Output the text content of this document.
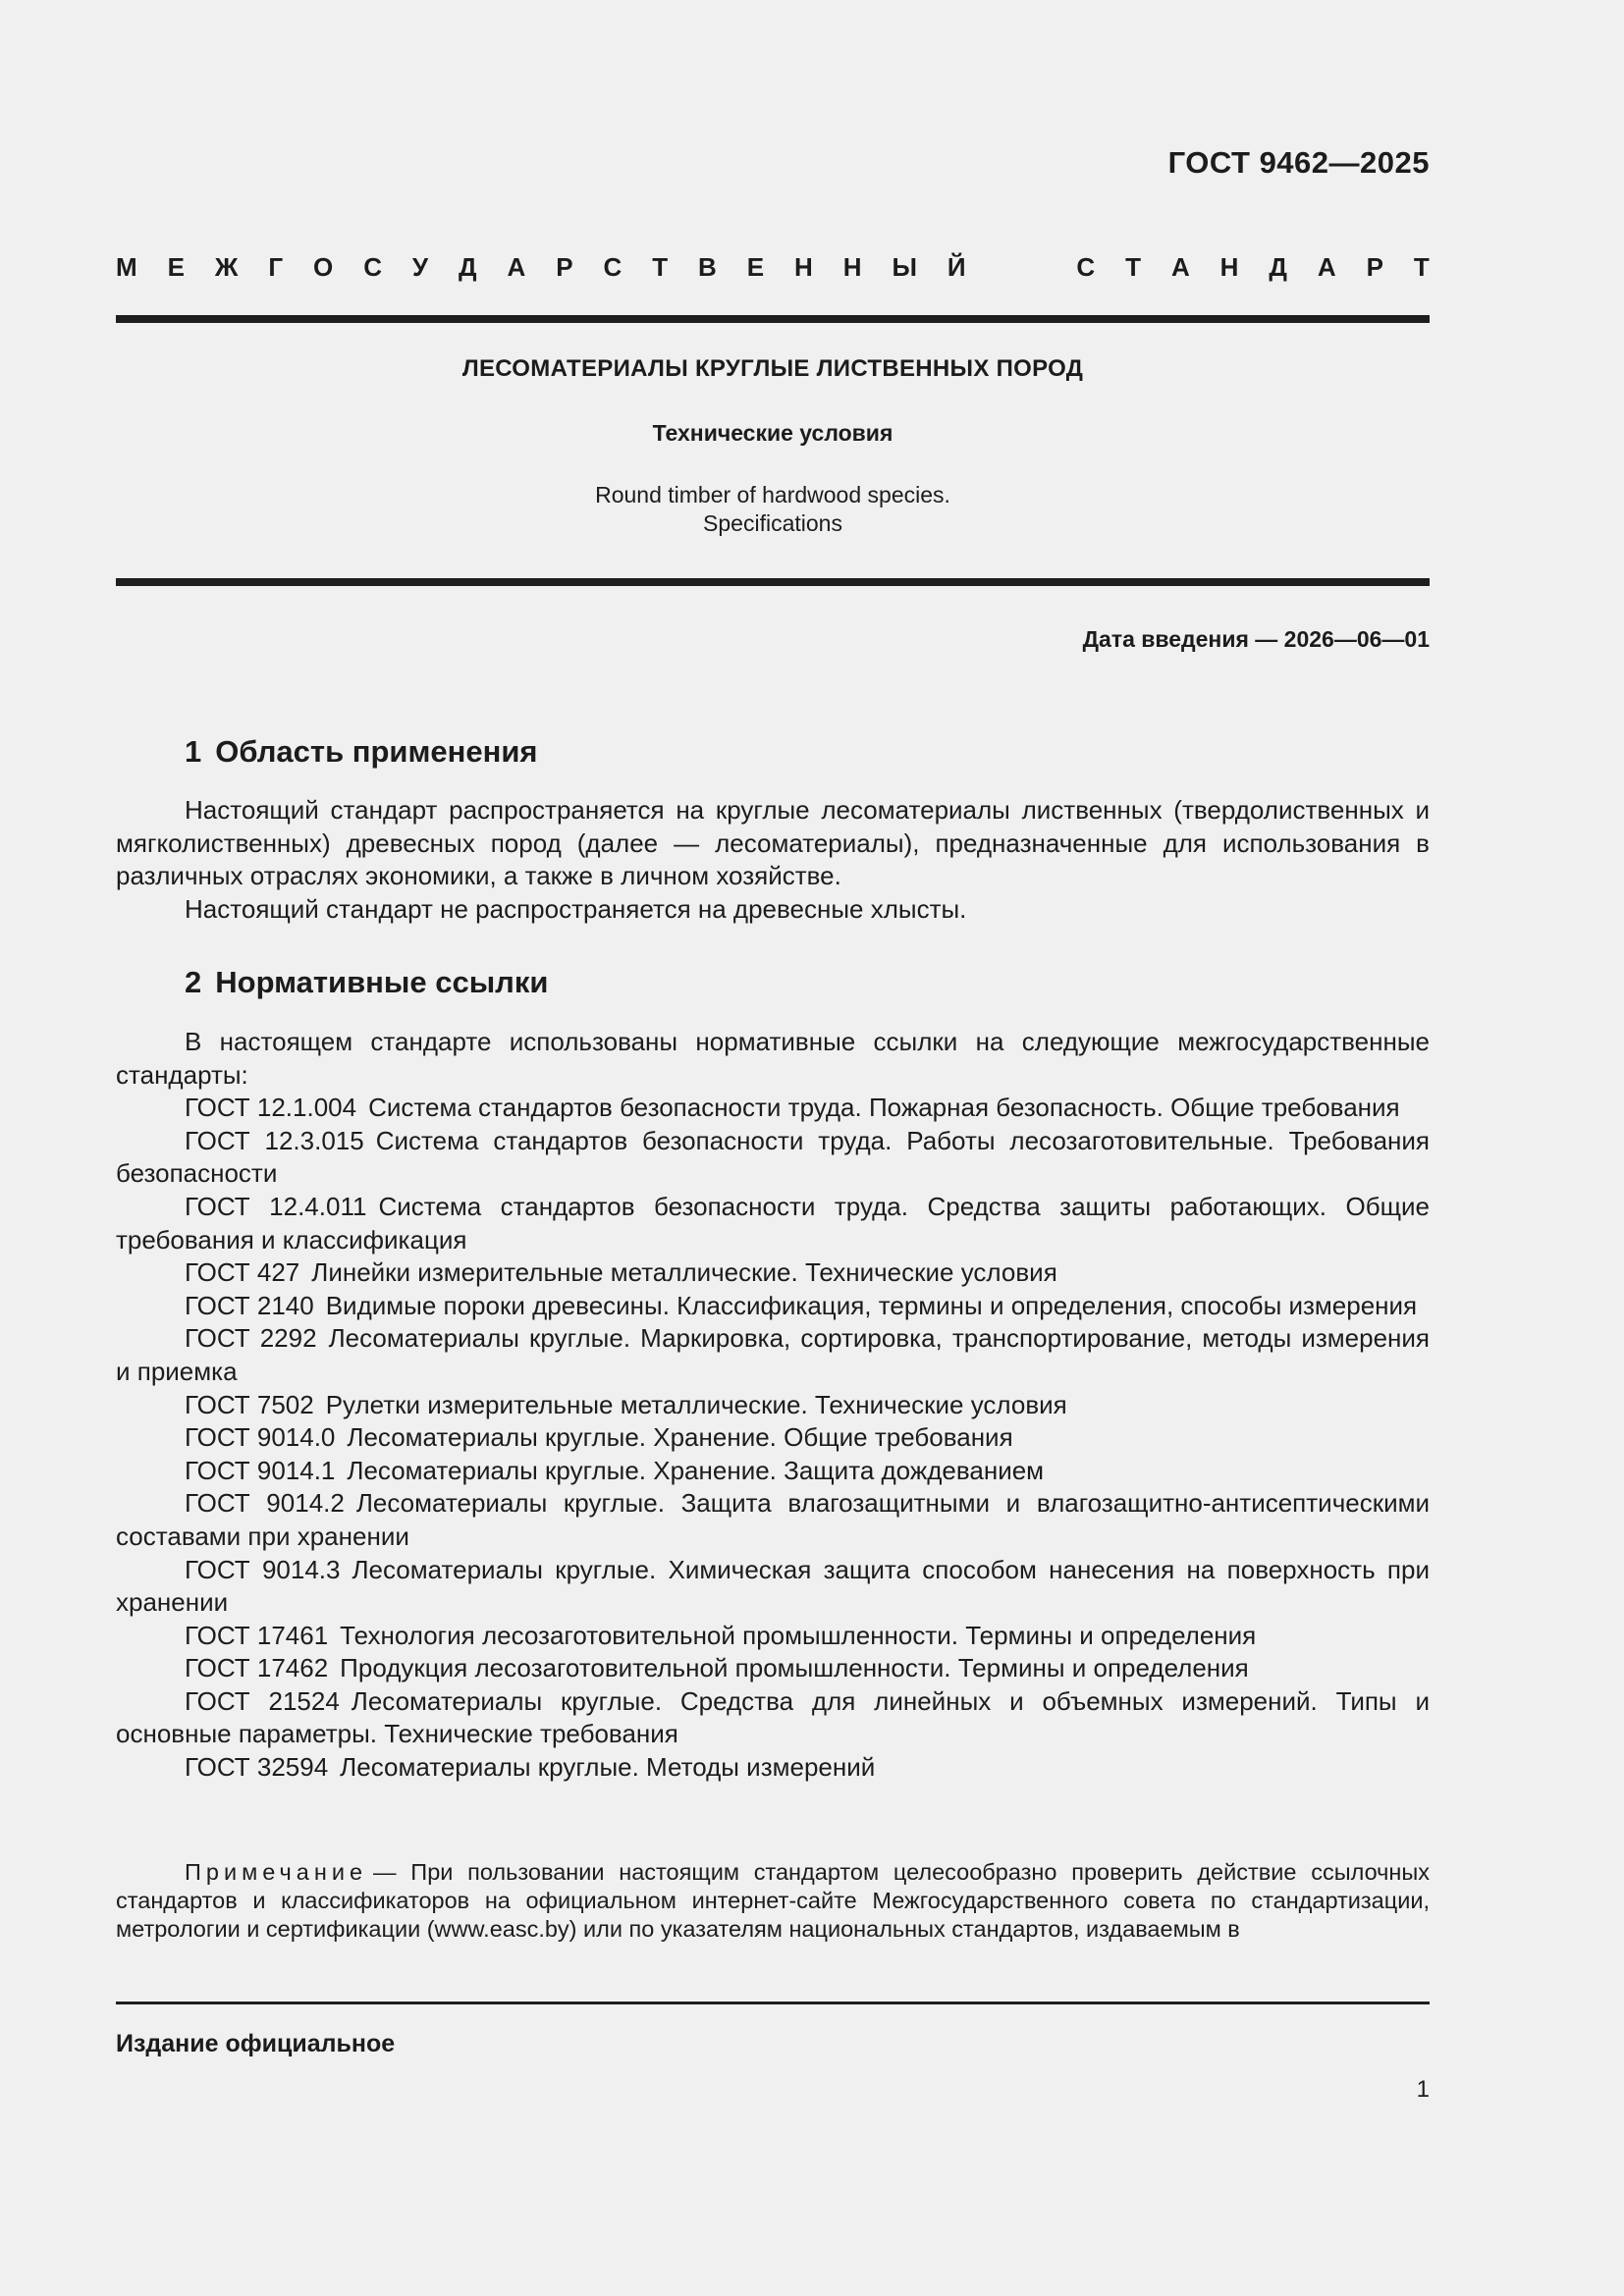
ГОСТ 9462—2025
М Е Ж Г О С У Д А Р С Т В Е Н Н Ы Й	С Т А Н Д А Р Т
ЛЕСОМАТЕРИАЛЫ КРУГЛЫЕ ЛИСТВЕННЫХ ПОРОД
Технические условия
Round timber of hardwood species.
Specifications
Дата введения — 2026—06—01
1 Область применения

Настоящий стандарт распространяется на круглые лесоматериалы лиственных (твердолиственных и мягколиственных) древесных пород (далее — лесоматериалы), предназначенные для использования в различных отраслях экономики, а также в личном хозяйстве.

Настоящий стандарт не распространяется на древесные хлысты.

2 Нормативные ссылки

В настоящем стандарте использованы нормативные ссылки на следующие межгосударственные стандарты:

ГОСТ 12.1.004 Система стандартов безопасности труда. Пожарная безопасность. Общие требования

ГОСТ 12.3.015 Система стандартов безопасности труда. Работы лесозаготовительные. Требования безопасности

ГОСТ 12.4.011 Система стандартов безопасности труда. Средства защиты работающих. Общие требования и классификация

ГОСТ 427 Линейки измерительные металлические. Технические условия

ГОСТ 2140 Видимые пороки древесины. Классификация, термины и определения, способы измерения

ГОСТ 2292 Лесоматериалы круглые. Маркировка, сортировка, транспортирование, методы измерения и приемка

ГОСТ 7502 Рулетки измерительные металлические. Технические условия

ГОСТ 9014.0 Лесоматериалы круглые. Хранение. Общие требования

ГОСТ 9014.1 Лесоматериалы круглые. Хранение. Защита дождеванием

ГОСТ 9014.2 Лесоматериалы круглые. Защита влагозащитными и влагозащитно-антисептическими составами при хранении

ГОСТ 9014.3 Лесоматериалы круглые. Химическая защита способом нанесения на поверхность при хранении

ГОСТ 17461 Технология лесозаготовительной промышленности. Термины и определения

ГОСТ 17462 Продукция лесозаготовительной промышленности. Термины и определения

ГОСТ 21524 Лесоматериалы круглые. Средства для линейных и объемных измерений. Типы и основные параметры. Технические требования

ГОСТ 32594 Лесоматериалы круглые. Методы измерений

Примечание — При пользовании настоящим стандартом целесообразно проверить действие ссылочных стандартов и классификаторов на официальном интернет-сайте Межгосударственного совета по стандартизации, метрологии и сертификации (www.easc.by) или по указателям национальных стандартов, издаваемым в
Издание официальное
1
